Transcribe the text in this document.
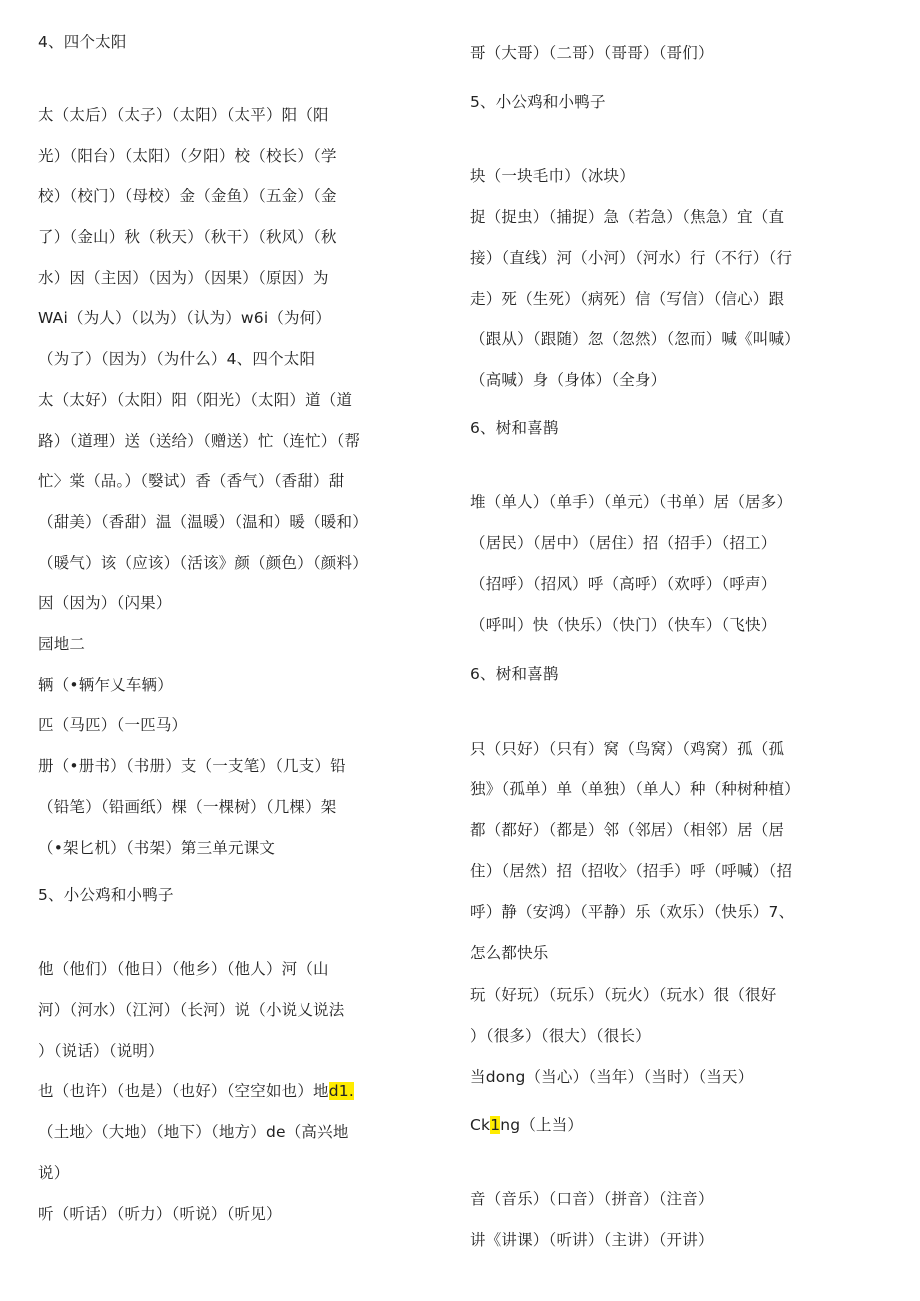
4、四个太阳
太（太后）（太子）（太阳）（太平）阳（阳
光）（阳台）（太阳）（夕阳）校（校长）（学
校）（校门）（母校）金（金鱼）（五金）（金
了）（金山）秋（秋天）（秋干）（秋风）（秋
水）因（主因）（因为）（因果）（原因）为
WAi（为人）（以为）（认为）w6i（为何）
（为了）（因为）（为什么）4、四个太阳
太（太好）（太阳）阳（阳光）（太阳）道（道
路）（道理）送（送给）（赠送）忙（连忙）（帮
忙〉棠（品。）（嫛试）香（香气）（香甜）甜
（甜美）（香甜）温（温暖）（温和）暖（暖和）
（暖气）该（应该）（活该》颜（颜色）（颜料）
因（因为）（闪果）
园地二
辆（•辆乍乂车辆）
匹（马匹）（一匹马）
册（•册书）（书册）支（一支笔）（几支）铅
（铅笔）（铅画纸）棵（一棵树）（几棵）架
（•架匕机）（书架）第三单元课文
5、小公鸡和小鸭子
他（他们）（他日）（他乡）（他人）河（山
河）（河水）（江河）（长河）说（小说乂说法
）（说话）（说明）
也（也许）（也是）（也好）（空空如也）地d1.
（土地〉（大地）（地下）（地方）de（高兴地
说）
听（听话）（听力）（听说）（听见）
哥（大哥）（二哥）（哥哥）（哥们）
5、小公鸡和小鸭子
块（一块毛巾）（冰块）
捉（捉虫）（捕捉）急（若急）（焦急）宜（直
接）（直线）河（小河）（河水）行（不行）（行
走）死（生死）（病死）信（写信）（信心）跟
（跟从）（跟随）忽（忽然）（忽而）喊《叫喊）
（高喊）身（身体）（全身）
6、树和喜鹊
堆（单人）（单手）（单元）（书单）居（居多）
（居民）（居中）（居住）招（招手）（招工）
（招呼）（招风）呼（高呼）（欢呼）（呼声）
（呼叫）快（快乐）（快门）（快车）（飞快）
6、树和喜鹊
只（只好）（只有）窝（鸟窝）（鸡窝）孤（孤
独》（孤单）单（单独）（单人）种（种树种植）
都（都好）（都是）邻（邻居）（相邻）居（居
住）（居然）招（招收〉（招手）呼（呼喊）（招
呼）静（安鸿）（平静）乐（欢乐）（快乐）7、
怎么都快乐
玩（好玩）（玩乐）（玩火）（玩水）很（很好
）（很多）（很大）（很长）
当dong（当心）（当年）（当时）（当天）
Ck1ng（上当）
音（音乐）（口音）（拼音）（注音）
讲《讲课）（听讲）（主讲）（开讲）
